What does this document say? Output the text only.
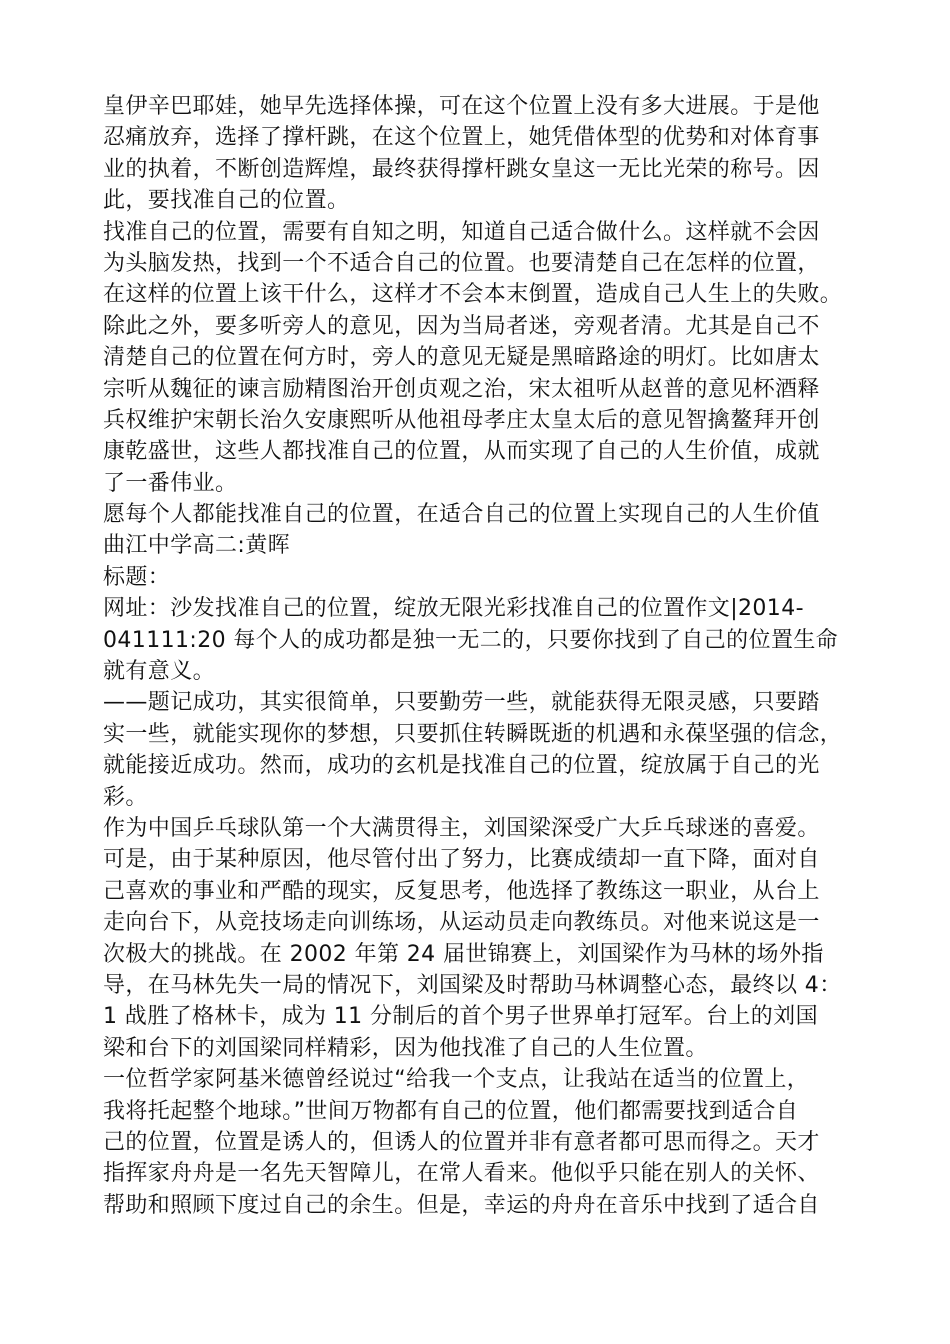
皇伊辛巴耶娃，她早先选择体操，可在这个位置上没有多大进展。于是他
忍痛放弃，选择了撑杆跳，在这个位置上，她凭借体型的优势和对体育事
业的执着，不断创造辉煌，最终获得撑杆跳女皇这一无比光荣的称号。因
此，要找准自己的位置。
找准自己的位置，需要有自知之明，知道自己适合做什么。这样就不会因
为头脑发热，找到一个不适合自己的位置。也要清楚自己在怎样的位置，
在这样的位置上该干什么，这样才不会本末倒置，造成自己人生上的失败。
除此之外，要多听旁人的意见，因为当局者迷，旁观者清。尤其是自己不
清楚自己的位置在何方时，旁人的意见无疑是黑暗路途的明灯。比如唐太
宗听从魏征的谏言励精图治开创贞观之治，宋太祖听从赵普的意见杯酒释
兵权维护宋朝长治久安康熙听从他祖母孝庄太皇太后的意见智擒鳌拜开创
康乾盛世，这些人都找准自己的位置，从而实现了自己的人生价值，成就
了一番伟业。
愿每个人都能找准自己的位置，在适合自己的位置上实现自己的人生价值
曲江中学高二:黄晖
标题：
网址：沙发找准自己的位置，绽放无限光彩找准自己的位置作文|2014-
041111:20 每个人的成功都是独一无二的，只要你找到了自己的位置生命
就有意义。
——题记成功，其实很简单，只要勤劳一些，就能获得无限灵感，只要踏
实一些，就能实现你的梦想，只要抓住转瞬既逝的机遇和永葆坚强的信念，
就能接近成功。然而，成功的玄机是找准自己的位置，绽放属于自己的光
彩。
作为中国乒乓球队第一个大满贯得主，刘国梁深受广大乒乓球迷的喜爱。
可是，由于某种原因，他尽管付出了努力，比赛成绩却一直下降，面对自
己喜欢的事业和严酷的现实，反复思考，他选择了教练这一职业，从台上
走向台下，从竞技场走向训练场，从运动员走向教练员。对他来说这是一
次极大的挑战。在 2002 年第 24 届世锦赛上，刘国梁作为马林的场外指
导，在马林先失一局的情况下，刘国梁及时帮助马林调整心态，最终以 4：
1 战胜了格林卡，成为 11 分制后的首个男子世界单打冠军。台上的刘国
梁和台下的刘国梁同样精彩，因为他找准了自己的人生位置。
一位哲学家阿基米德曾经说过“给我一个支点，让我站在适当的位置上，
我将托起整个地球。”世间万物都有自己的位置，他们都需要找到适合自
己的位置，位置是诱人的，但诱人的位置并非有意者都可思而得之。天才
指挥家舟舟是一名先天智障儿，在常人看来。他似乎只能在别人的关怀、
帮助和照顾下度过自己的余生。但是，幸运的舟舟在音乐中找到了适合自
